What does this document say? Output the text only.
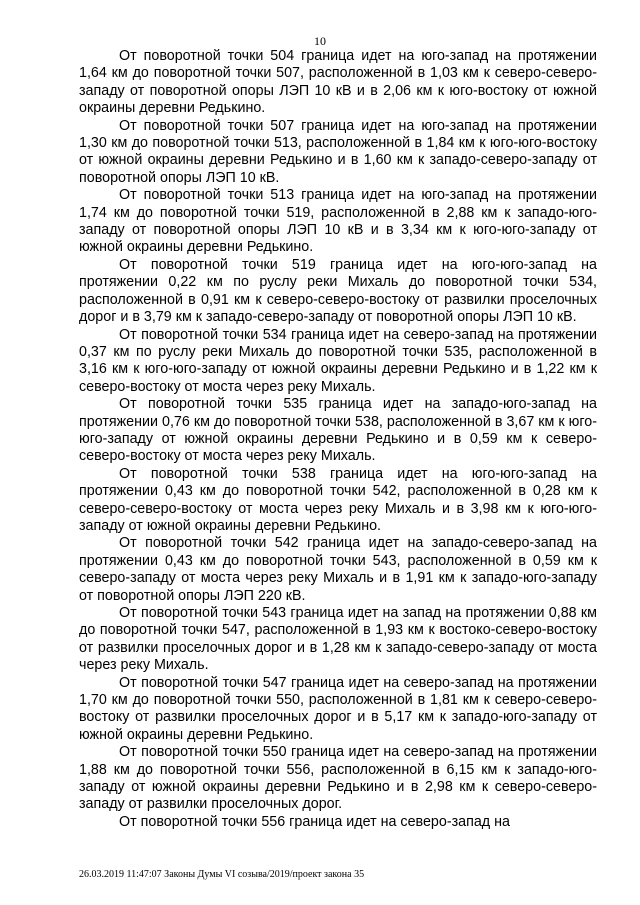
10

От поворотной точки 504 граница идет на юго-запад на протяжении 1,64 км до поворотной точки 507, расположенной в 1,03 км к северо-северо-западу от поворотной опоры ЛЭП 10 кВ и в 2,06 км к юго-востоку от южной окраины деревни Редькино.

От поворотной точки 507 граница идет на юго-запад на протяжении 1,30 км до поворотной точки 513, расположенной в 1,84 км к юго-юго-востоку от южной окраины деревни Редькино и в 1,60 км к западо-северо-западу от поворотной опоры ЛЭП 10 кВ.

От поворотной точки 513 граница идет на юго-запад на протяжении 1,74 км до поворотной точки 519, расположенной в 2,88 км к западо-юго-западу от поворотной опоры ЛЭП 10 кВ и в 3,34 км к юго-юго-западу от южной окраины деревни Редькино.

От поворотной точки 519 граница идет на юго-юго-запад на протяжении 0,22 км по руслу реки Михаль до поворотной точки 534, расположенной в 0,91 км к северо-северо-востоку от развилки проселочных дорог и в 3,79 км к западо-северо-западу от поворотной опоры ЛЭП 10 кВ.

От поворотной точки 534 граница идет на северо-запад на протяжении 0,37 км по руслу реки Михаль до поворотной точки 535, расположенной в 3,16 км к юго-юго-западу от южной окраины деревни Редькино и в 1,22 км к северо-востоку от моста через реку Михаль.

От поворотной точки 535 граница идет на западо-юго-запад на протяжении 0,76 км до поворотной точки 538, расположенной в 3,67 км к юго-юго-западу от южной окраины деревни Редькино и в 0,59 км к северо-северо-востоку от моста через реку Михаль.

От поворотной точки 538 граница идет на юго-юго-запад на протяжении 0,43 км до поворотной точки 542, расположенной в 0,28 км к северо-северо-востоку от моста через реку Михаль и в 3,98 км к юго-юго-западу от южной окраины деревни Редькино.

От поворотной точки 542 граница идет на западо-северо-запад на протяжении 0,43 км до поворотной точки 543, расположенной в 0,59 км к северо-западу от моста через реку Михаль и в 1,91 км к западо-юго-западу от поворотной опоры ЛЭП 220 кВ.

От поворотной точки 543 граница идет на запад на протяжении 0,88 км до поворотной точки 547, расположенной в 1,93 км к востоко-северо-востоку от развилки проселочных дорог и в 1,28 км к западо-северо-западу от моста через реку Михаль.

От поворотной точки 547 граница идет на северо-запад на протяжении 1,70 км до поворотной точки 550, расположенной в 1,81 км к северо-северо-востоку от развилки проселочных дорог и в 5,17 км к западо-юго-западу от южной окраины деревни Редькино.

От поворотной точки 550 граница идет на северо-запад на протяжении 1,88 км до поворотной точки 556, расположенной в 6,15 км к западо-юго-западу от южной окраины деревни Редькино и в 2,98 км к северо-северо-западу от развилки проселочных дорог.

От поворотной точки 556 граница идет на северо-запад на

26.03.2019 11:47:07 Законы Думы VI созыва/2019/проект закона 35
